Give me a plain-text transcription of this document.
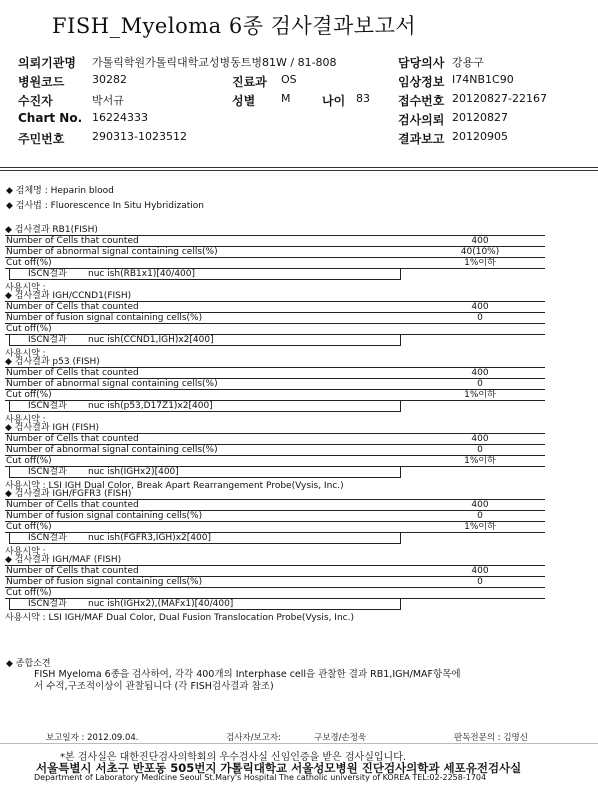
FISH_Myeloma 6종 검사결과보고서
의뢰기관명 가톨릭학원가톨릭대학교성병동트병81W / 81-808	담당의사 강용구
병원코드	30282	진료과 OS	임상정보 I74NB1C90
수진자	박서규	성별 M	나이 83 접수번호 20120827-22167
Chart No. 16224333	검사의뢰 20120827
주민번호	290313-1023512	결과보고 20120905
◆ 검체명 : Heparin blood
◆ 검사법 : Fluorescence In Situ Hybridization
◆ 검사결과 RB1(FISH)
Number of Cells that counted	400
Number of abnormal signal containing cells(%)	40(10%)
Cut off(%)	1%이하
ISCN결과 nuc ish(RB1x1)[40/400]
사용시약 :
◆ 검사결과 IGH/CCND1(FISH)
Number of Cells that counted	400
Number of fusion signal containing cells(%)	0
Cut off(%)
ISCN결과 nuc ish(CCND1,IGH)x2[400]
사용시약 :
◆ 검사결과 p53 (FISH)
Number of Cells that counted	400
Number of abnormal signal containing cells(%)	0
Cut off(%)	1%이하
ISCN결과 nuc ish(p53,D17Z1)x2[400]
사용시약 :
◆ 검사결과 IGH (FISH)
Number of Cells that counted	400
Number of abnormal signal containing cells(%)	0
Cut off(%)	1%이하
ISCN결과 nuc ish(IGHx2)[400]
사용시약 : LSI IGH Dual Color, Break Apart Rearrangement Probe(Vysis, Inc.)
◆ 검사결과 IGH/FGFR3 (FISH)
Number of Cells that counted	400
Number of fusion signal containing cells(%)	0
Cut off(%)	1%이하
ISCN결과 nuc ish(FGFR3,IGH)x2[400]
사용시약 :
◆ 검사결과 IGH/MAF (FISH)
Number of Cells that counted	400
Number of fusion signal containing cells(%)	0
Cut off(%)
ISCN결과 nuc ish(IGHx2),(MAFx1)[40/400]
사용시약 : LSI IGH/MAF Dual Color, Dual Fusion Translocation Probe(Vysis, Inc.)
◆ 종합소견
FISH Myeloma 6종을 검사하여, 각각 400개의 Interphase cell을 관찰한 결과 RB1,IGH/MAF항목에
서 수적,구조적이상이 관찰됩니다 (각 FISH검사결과 참조)
보고일자 : 2012.09.04.	검사자/보고자:	구보경/손정욱	판독전문의 : 김명신
*본 검사실은 대한진단검사의학회의 우수검사실 신임인증을 받은 검사실입니다.
서울특별시 서초구 반포동 505번지 가톨릭대학교 서울성모병원 진단검사의학과 세포유전검사실
Department of Laboratory Medicine Seoul St.Mary's Hospital The catholic university of KOREA TEL:02-2258-1704
